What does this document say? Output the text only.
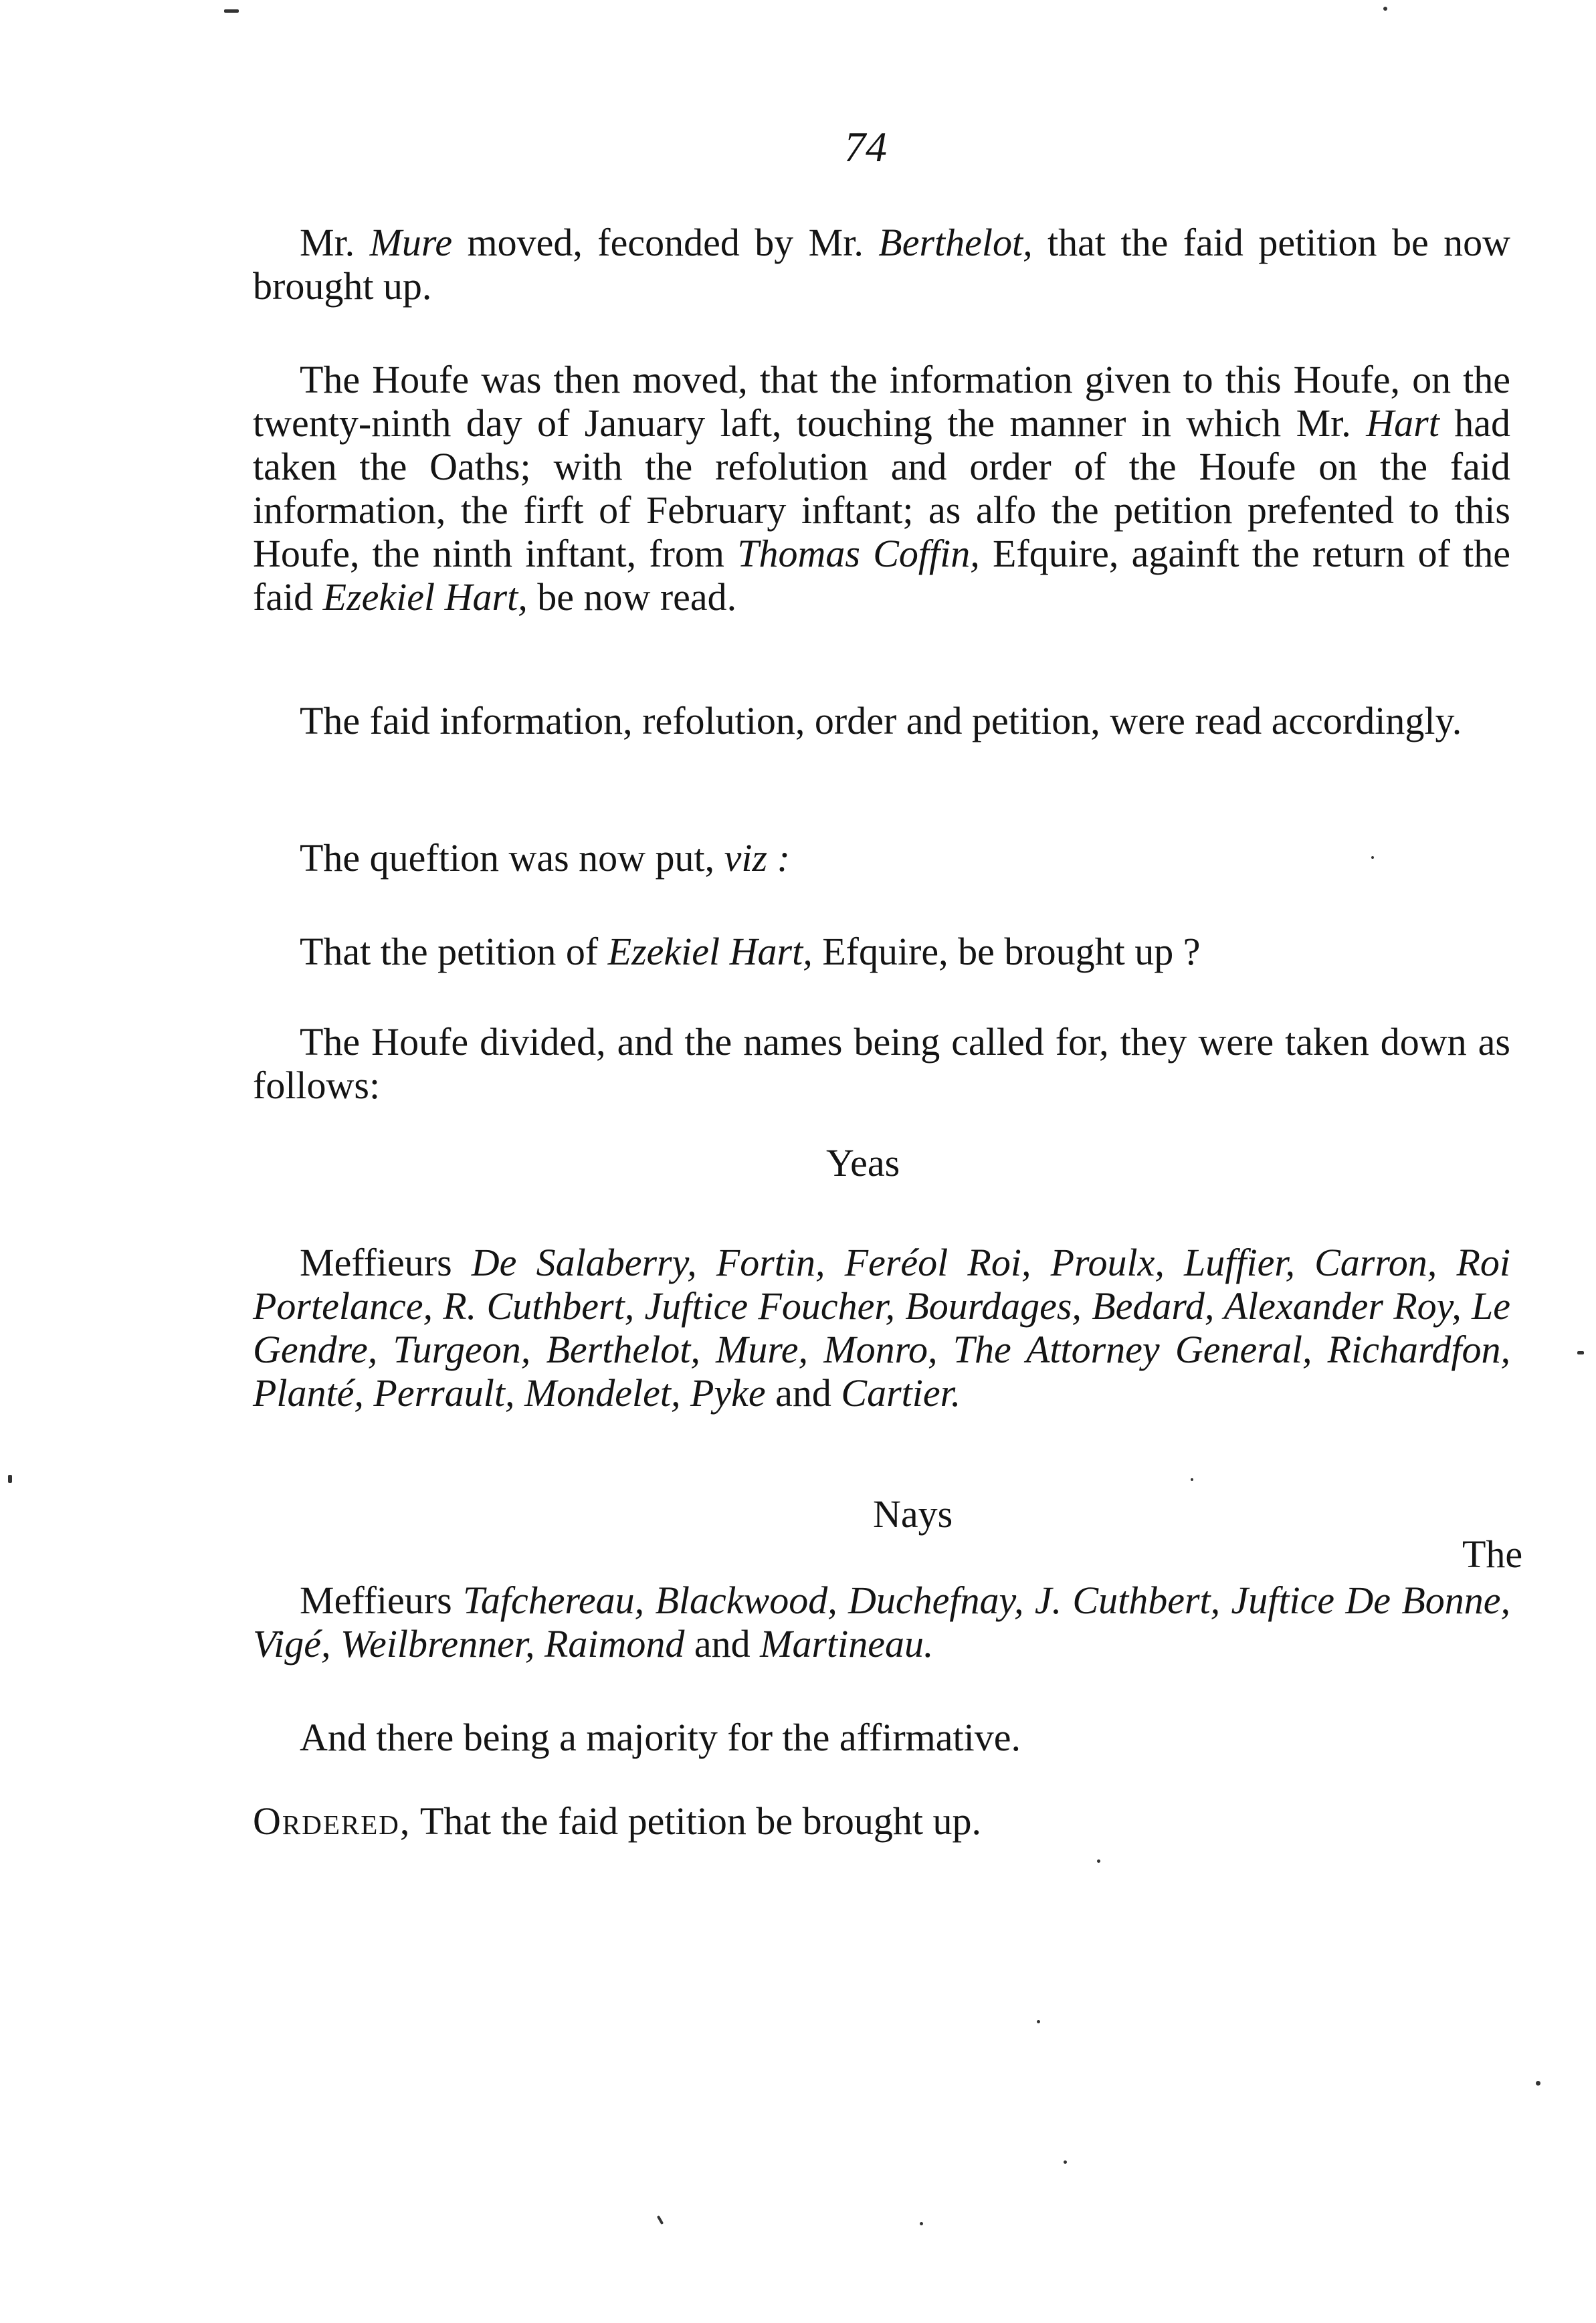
74
Mr. Mure moved, feconded by Mr. Berthelot, that the faid petition be now brought up.
The Houfe was then moved, that the information given to this Houfe, on the twenty-ninth day of January laft, touching the manner in which Mr. Hart had taken the Oaths; with the refolution and order of the Houfe on the faid information, the firft of February inftant; as alfo the petition prefented to this Houfe, the ninth inftant, from Thomas Coffin, Efquire, againft the return of the faid Ezekiel Hart, be now read.
The faid information, refolution, order and petition, were read accordingly.
The queftion was now put, viz :
That the petition of Ezekiel Hart, Efquire, be brought up ?
The Houfe divided, and the names being called for, they were taken down as follows:
Yeas
Meffieurs De Salaberry, Fortin, Feréol Roi, Proulx, Luffier, Carron, Roi Portelance, R. Cuthbert, Juftice Foucher, Bourdages, Bedard, Alexander Roy, Le Gendre, Turgeon, Berthelot, Mure, Monro, The Attorney General, Richardfon, Planté, Perrault, Mondelet, Pyke and Cartier.
Nays
Meffieurs Tafchereau, Blackwood, Duchefnay, J. Cuthbert, Juftice De Bonne, Vigé, Weilbrenner, Raimond and Martineau.
And there being a majority for the affirmative.
Ordered, That the faid petition be brought up.
The
